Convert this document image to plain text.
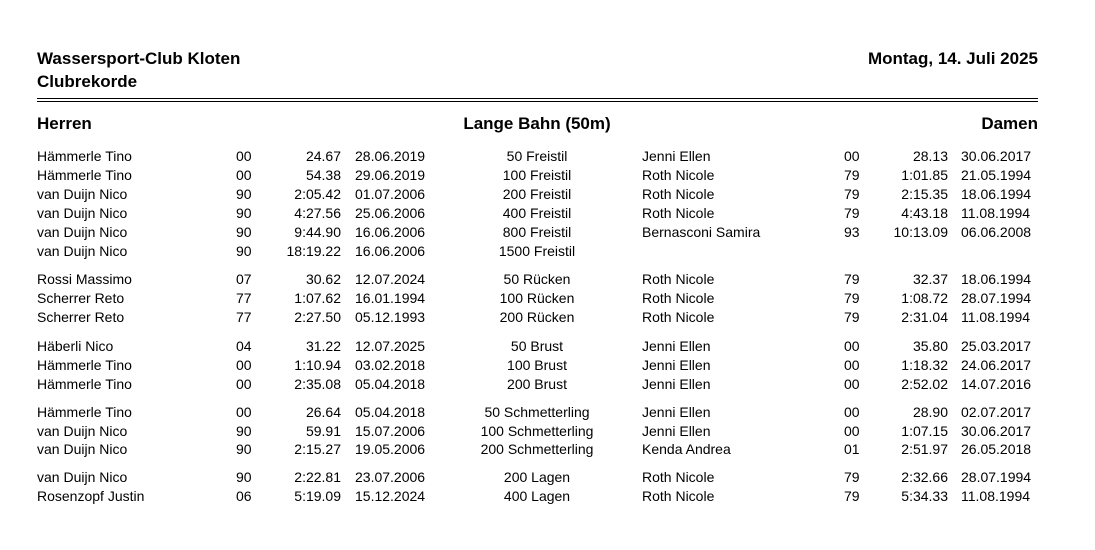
Wassersport-Club Kloten
Clubrekorde
Montag, 14. Juli 2025
Herren	Lange Bahn (50m)	Damen
Hämmerle Tino	00	24.67 28.06.2019	50 Freistil	Jenni Ellen	00	28.13 30.06.2017
Hämmerle Tino	00	54.38 29.06.2019	100 Freistil	Roth Nicole	79	1:01.85 21.05.1994
van Duijn Nico	90	2:05.42 01.07.2006	200 Freistil	Roth Nicole	79	2:15.35 18.06.1994
van Duijn Nico	90	4:27.56 25.06.2006	400 Freistil	Roth Nicole	79	4:43.18 11.08.1994
van Duijn Nico	90	9:44.90 16.06.2006	800 Freistil	Bernasconi Samira	93 10:13.09 06.06.2008
van Duijn Nico	90 18:19.22 16.06.2006	1500 Freistil
Rossi Massimo	07	30.62 12.07.2024	50 Rücken	Roth Nicole	79	32.37 18.06.1994
Scherrer Reto	77	1:07.62 16.01.1994	100 Rücken	Roth Nicole	79	1:08.72 28.07.1994
Scherrer Reto	77	2:27.50 05.12.1993	200 Rücken	Roth Nicole	79	2:31.04 11.08.1994
Häberli Nico	04	31.22 12.07.2025	50 Brust	Jenni Ellen	00	35.80 25.03.2017
Hämmerle Tino	00	1:10.94 03.02.2018	100 Brust	Jenni Ellen	00	1:18.32 24.06.2017
Hämmerle Tino	00	2:35.08 05.04.2018	200 Brust	Jenni Ellen	00	2:52.02 14.07.2016
Hämmerle Tino	00	26.64 05.04.2018	50 Schmetterling	Jenni Ellen	00	28.90 02.07.2017
van Duijn Nico	90	59.91 15.07.2006	100 Schmetterling	Jenni Ellen	00	1:07.15 30.06.2017
van Duijn Nico	90	2:15.27 19.05.2006	200 Schmetterling	Kenda Andrea	01	2:51.97 26.05.2018
van Duijn Nico	90	2:22.81 23.07.2006	200 Lagen	Roth Nicole	79	2:32.66 28.07.1994
Rosenzopf Justin	06	5:19.09 15.12.2024	400 Lagen	Roth Nicole	79	5:34.33 11.08.1994
